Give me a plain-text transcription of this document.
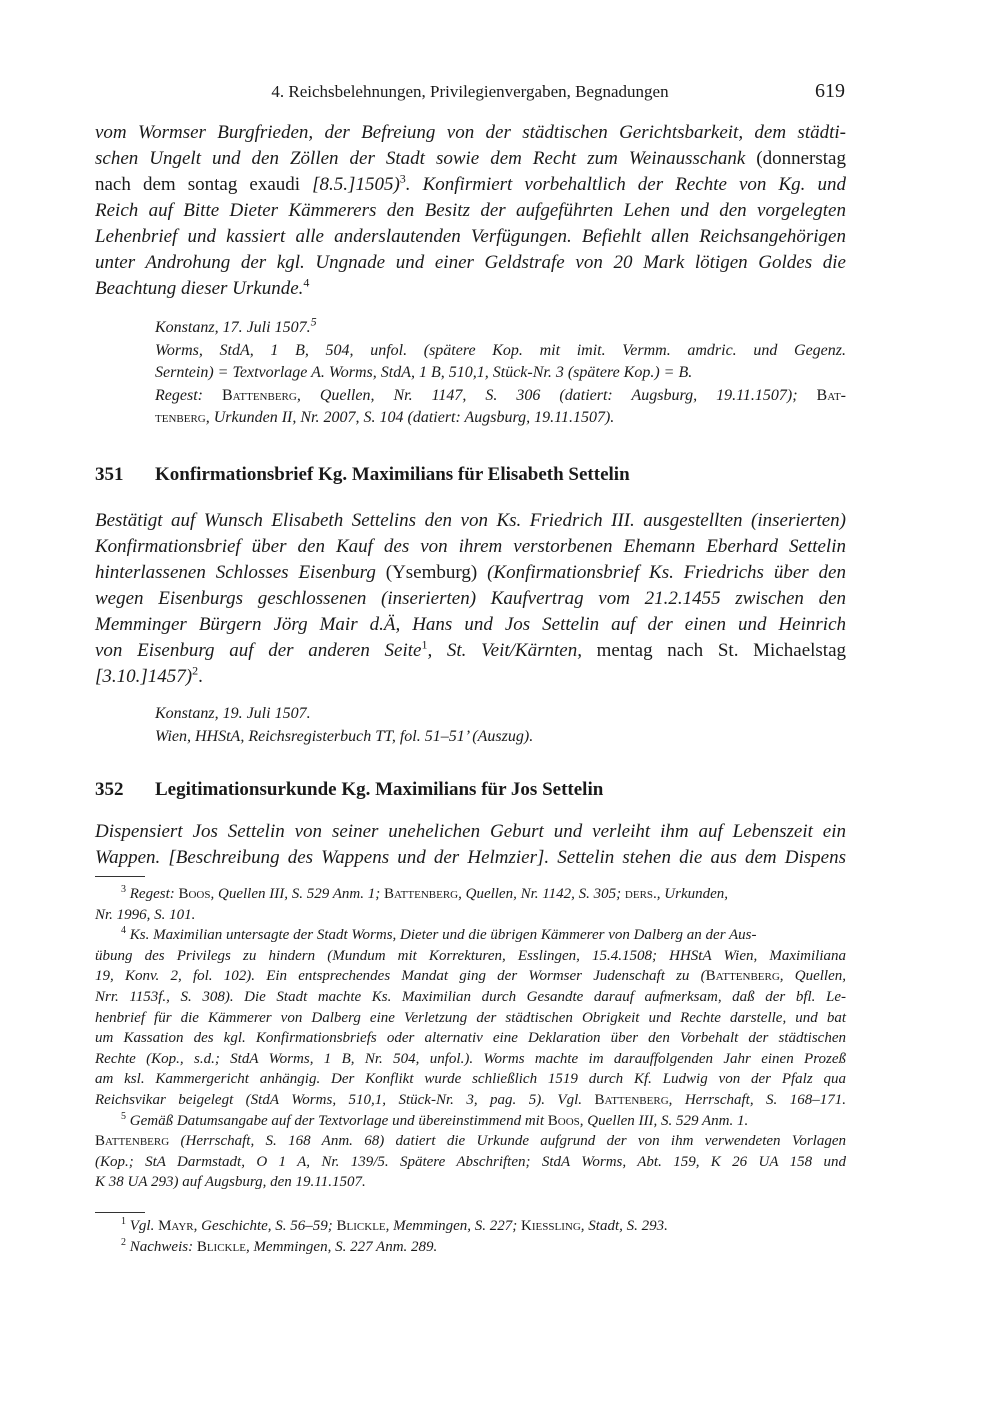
4. Reichsbelehnungen, Privilegienvergaben, Begnadungen	619
vom Wormser Burgfrieden, der Befreiung von der städtischen Gerichtsbarkeit, dem städti-
schen Ungelt und den Zöllen der Stadt sowie dem Recht zum Weinausschank (donnerstag
nach dem sontag exaudi [8.5.]1505)$^3$. Konfirmiert vorbehaltlich der Rechte von Kg. und
Reich auf Bitte Dieter Kämmerers den Besitz der aufgeführten Lehen und den vorgelegten
Lehenbrief und kassiert alle anderslautenden Verfügungen. Befiehlt allen Reichsangehörigen
unter Androhung der kgl. Ungnade und einer Geldstrafe von 20 Mark lötigen Goldes die
Beachtung dieser Urkunde.$^4$
Konstanz, 17. Juli 1507.$^5$
Worms, StdA, 1 B, 504, unfol. (spätere Kop. mit imit. Vermm. amdric. und Gegenz.
Serntein) = Textvorlage A. Worms, StdA, 1 B, 510,1, Stück-Nr. 3 (spätere Kop.) = B.
Regest: Battenberg, Quellen, Nr. 1147, S. 306 (datiert: Augsburg, 19.11.1507); Bat-
tenberg, Urkunden II, Nr. 2007, S. 104 (datiert: Augsburg, 19.11.1507).
351 Konfirmationsbrief Kg. Maximilians für Elisabeth Settelin
Bestätigt auf Wunsch Elisabeth Settelins den von Ks. Friedrich III. ausgestellten (inserierten)
Konfirmationsbrief über den Kauf des von ihrem verstorbenen Ehemann Eberhard Settelin
hinterlassenen Schlosses Eisenburg (Ysemburg) (Konfirmationsbrief Ks. Friedrichs über den
wegen Eisenburgs geschlossenen (inserierten) Kaufvertrag vom 21.2.1455 zwischen den
Memminger Bürgern Jörg Mair d.Ä, Hans und Jos Settelin auf der einen und Heinrich
von Eisenburg auf der anderen Seite$^1$, St. Veit/Kärnten, mentag nach St. Michaelstag
[3.10.]1457)$^2$.
Konstanz, 19. Juli 1507.
Wien, HHStA, Reichsregisterbuch TT, fol. 51–51’ (Auszug).
352 Legitimationsurkunde Kg. Maximilians für Jos Settelin
Dispensiert Jos Settelin von seiner unehelichen Geburt und verleiht ihm auf Lebenszeit ein
Wappen. [Beschreibung des Wappens und der Helmzier]. Settelin stehen die aus dem Dispens
$^3$ Regest: Boos, Quellen III, S. 529 Anm. 1; Battenberg, Quellen, Nr. 1142, S. 305; ders., Urkunden,
Nr. 1996, S. 101.
$^4$ Ks. Maximilian untersagte der Stadt Worms, Dieter und die übrigen Kämmerer von Dalberg an der Aus-
übung des Privilegs zu hindern (Mundum mit Korrekturen, Esslingen, 15.4.1508; HHStA Wien, Maximiliana
19, Konv. 2, fol. 102). Ein entsprechendes Mandat ging der Wormser Judenschaft zu (Battenberg, Quellen,
Nrr. 1153f., S. 308). Die Stadt machte Ks. Maximilian durch Gesandte darauf aufmerksam, daß der bfl. Le-
henbrief für die Kämmerer von Dalberg eine Verletzung der städtischen Obrigkeit und Rechte darstelle, und bat
um Kassation des kgl. Konfirmationsbriefs oder alternativ eine Deklaration über den Vorbehalt der städtischen
Rechte (Kop., s.d.; StdA Worms, 1 B, Nr. 504, unfol.). Worms machte im darauffolgenden Jahr einen Prozeß
am ksl. Kammergericht anhängig. Der Konflikt wurde schließlich 1519 durch Kf. Ludwig von der Pfalz qua
Reichsvikar beigelegt (StdA Worms, 510,1, Stück-Nr. 3, pag. 5). Vgl. Battenberg, Herrschaft, S. 168–171.
$^5$ Gemäß Datumsangabe auf der Textvorlage und übereinstimmend mit Boos, Quellen III, S. 529 Anm. 1.
Battenberg (Herrschaft, S. 168 Anm. 68) datiert die Urkunde aufgrund der von ihm verwendeten Vorlagen
(Kop.; StA Darmstadt, O 1 A, Nr. 139/5. Spätere Abschriften; StdA Worms, Abt. 159, K 26 UA 158 und
K 38 UA 293) auf Augsburg, den 19.11.1507.
$^1$ Vgl. Mayr, Geschichte, S. 56–59; Blickle, Memmingen, S. 227; Kiessling, Stadt, S. 293.
$^2$ Nachweis: Blickle, Memmingen, S. 227 Anm. 289.
